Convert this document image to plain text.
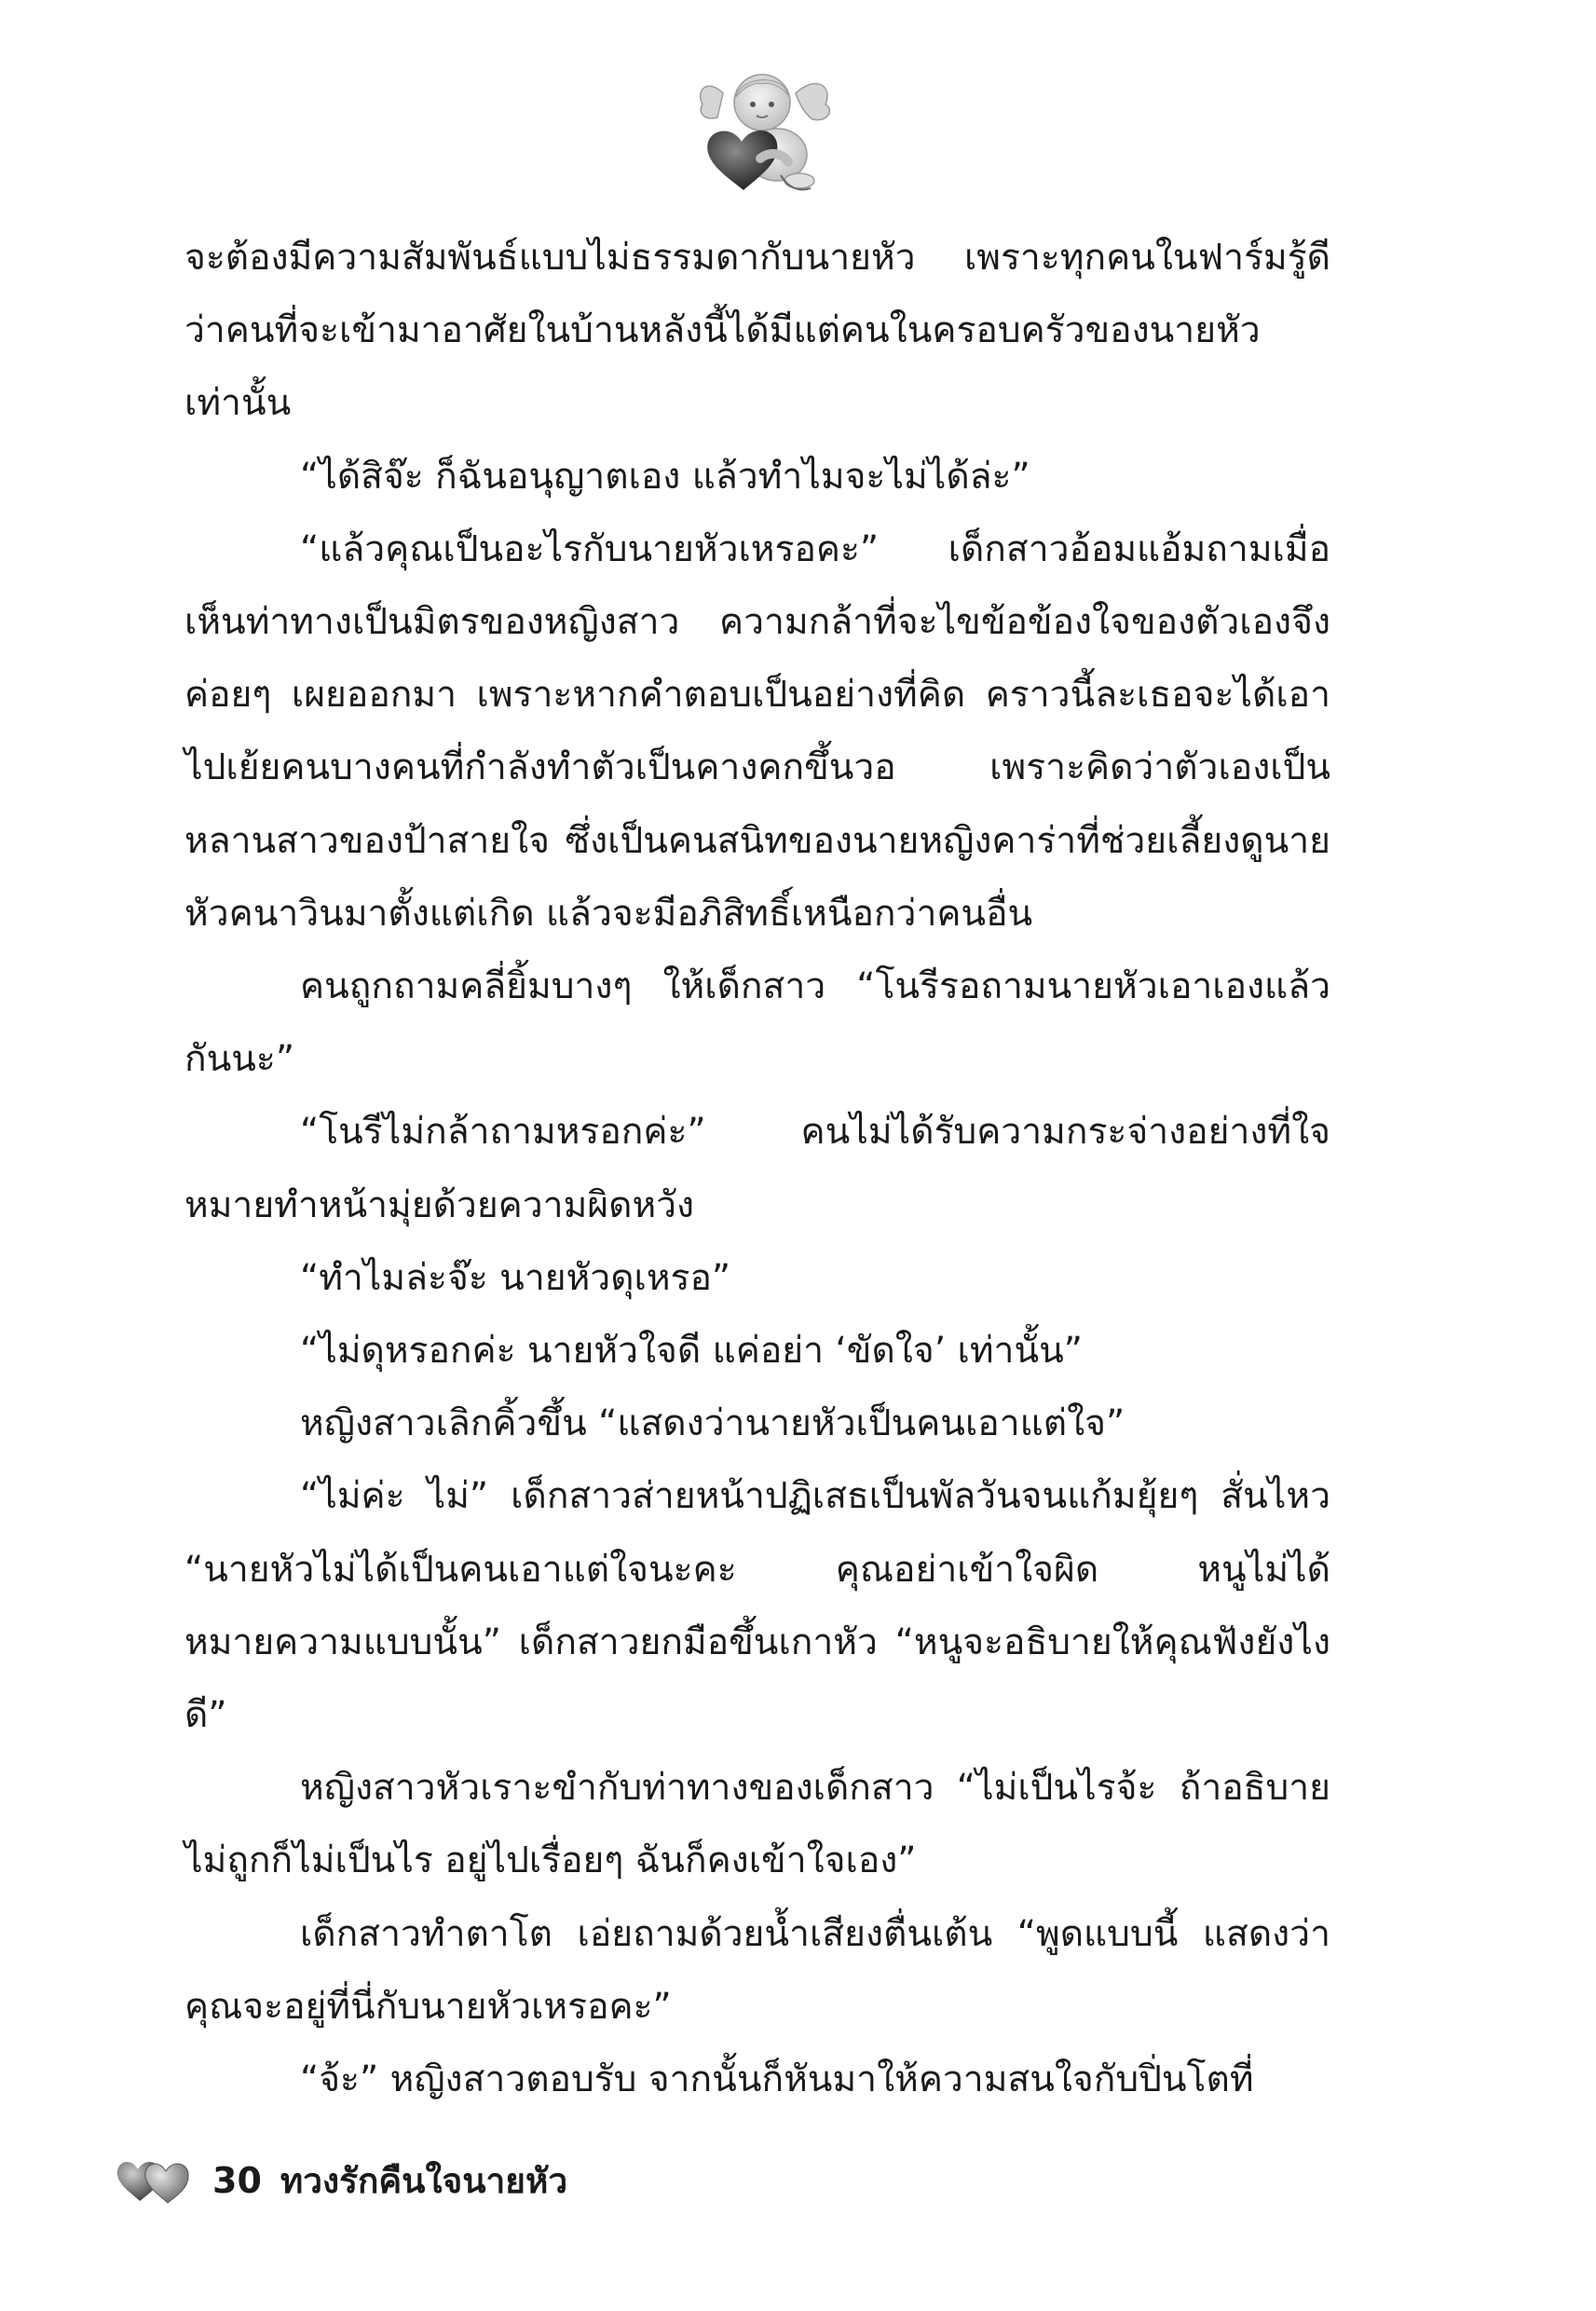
จะต้องมีความสัมพันธ์แบบไม่ธรรมดากับนายหัว เพราะทุกคนในฟาร์มรู้ดีว่าคนที่จะเข้ามาอาศัยในบ้านหลังนี้ได้มีแต่คนในครอบครัวของนายหัวเท่านั้น

“ได้สิจ๊ะ ก็ฉันอนุญาตเอง แล้วทำไมจะไม่ได้ล่ะ”

“แล้วคุณเป็นอะไรกับนายหัวเหรอคะ” เด็กสาวอ้อมแอ้มถามเมื่อเห็นท่าทางเป็นมิตรของหญิงสาว ความกล้าที่จะไขข้อข้องใจของตัวเองจึงค่อยๆ เผยออกมา เพราะหากคำตอบเป็นอย่างที่คิด คราวนี้ละเธอจะได้เอาไปเย้ยคนบางคนที่กำลังทำตัวเป็นคางคกขึ้นวอ เพราะคิดว่าตัวเองเป็นหลานสาวของป้าสายใจ ซึ่งเป็นคนสนิทของนายหญิงคาร่าที่ช่วยเลี้ยงดูนายหัวคนาวินมาตั้งแต่เกิด แล้วจะมีอภิสิทธิ์เหนือกว่าคนอื่น

คนถูกถามคลี่ยิ้มบางๆ ให้เด็กสาว “โนรีรอถามนายหัวเอาเองแล้วกันนะ”

“โนรีไม่กล้าถามหรอกค่ะ” คนไม่ได้รับความกระจ่างอย่างที่ใจหมายทำหน้ามุ่ยด้วยความผิดหวัง

“ทำไมล่ะจ๊ะ นายหัวดุเหรอ”

“ไม่ดุหรอกค่ะ นายหัวใจดี แค่อย่า ‘ขัดใจ’ เท่านั้น”

หญิงสาวเลิกคิ้วขึ้น “แสดงว่านายหัวเป็นคนเอาแต่ใจ”

“ไม่ค่ะ ไม่” เด็กสาวส่ายหน้าปฏิเสธเป็นพัลวันจนแก้มยุ้ยๆ สั่นไหว “นายหัวไม่ได้เป็นคนเอาแต่ใจนะคะ คุณอย่าเข้าใจผิด หนูไม่ได้หมายความแบบนั้น” เด็กสาวยกมือขึ้นเกาหัว “หนูจะอธิบายให้คุณฟังยังไงดี”

หญิงสาวหัวเราะขำกับท่าทางของเด็กสาว “ไม่เป็นไรจ้ะ ถ้าอธิบายไม่ถูกก็ไม่เป็นไร อยู่ไปเรื่อยๆ ฉันก็คงเข้าใจเอง”

เด็กสาวทำตาโต เอ่ยถามด้วยน้ำเสียงตื่นเต้น “พูดแบบนี้ แสดงว่าคุณจะอยู่ที่นี่กับนายหัวเหรอคะ”

“จ้ะ” หญิงสาวตอบรับ จากนั้นก็หันมาให้ความสนใจกับปิ่นโตที่

30 ทวงรักคืนใจนายหัว
